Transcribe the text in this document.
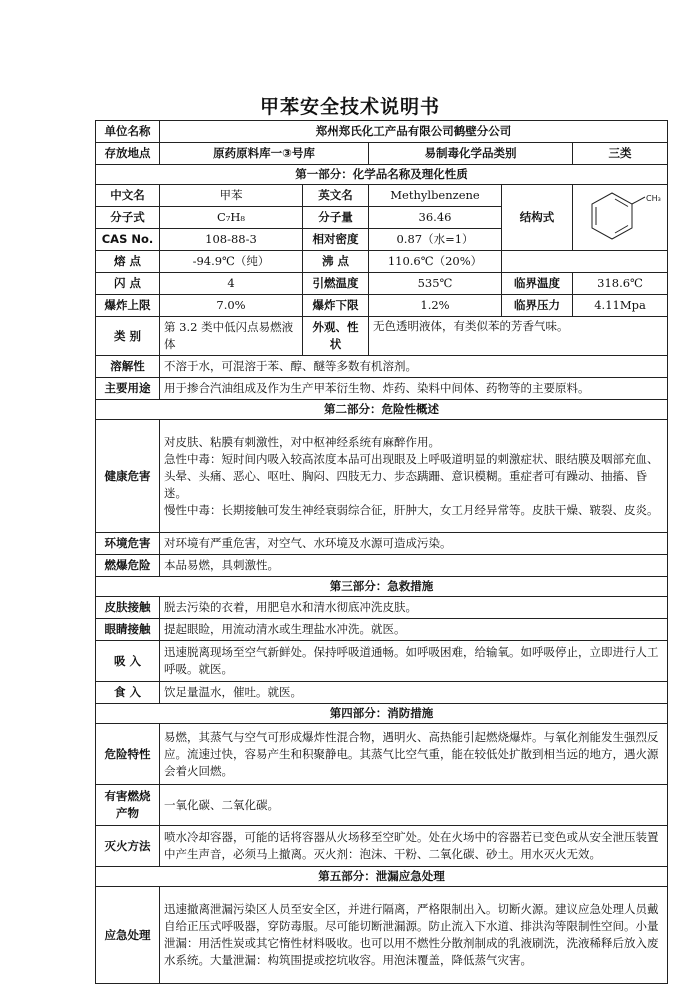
甲苯安全技术说明书
单位名称	郑州郑氏化工产品有限公司鹤壁分公司				
存放地点	原药原料库一③号库		易制毒化学品类别		三类
第一部分：化学品名称及理化性质					
中文名	甲苯	英文名	Methylbenzene	结构式	CH₃

分子式	C₇H₈	分子量	36.46		
CAS No.	108-88-3	相对密度	0.87（水=1）		
熔 点	-94.9℃（纯）	沸 点	110.6℃（20%）		
闪 点	4	引燃温度	535℃	临界温度	318.6℃
爆炸上限	7.0%	爆炸下限	1.2%	临界压力	4.11Mpa
类 别	第 3.2 类中低闪点易燃液体	外观、性状	无色透明液体，有类似苯的芳香气味。		
溶解性	不溶于水，可混溶于苯、醇、醚等多数有机溶剂。				
主要用途	用于掺合汽油组成及作为生产甲苯衍生物、炸药、染料中间体、药物等的主要原料。				
第二部分：危险性概述					
健康危害	对皮肤、粘膜有刺激性，对中枢神经系统有麻醉作用。
急性中毒：短时间内吸入较高浓度本品可出现眼及上呼吸道明显的刺激症状、眼结膜及咽部充血、头晕、头痛、恶心、呕吐、胸闷、四肢无力、步态蹒跚、意识模糊。重症者可有躁动、抽搐、昏迷。
慢性中毒：长期接触可发生神经衰弱综合征，肝肿大，女工月经异常等。皮肤干燥、皲裂、皮炎。				

环境危害	对环境有严重危害，对空气、水环境及水源可造成污染。				
燃爆危险	本品易燃，具刺激性。				
第三部分：急救措施					
皮肤接触	脱去污染的衣着，用肥皂水和清水彻底冲洗皮肤。				
眼睛接触	提起眼睑，用流动清水或生理盐水冲洗。就医。				
吸 入	迅速脱离现场至空气新鲜处。保持呼吸道通畅。如呼吸困难，给输氧。如呼吸停止，立即进行人工呼吸。就医。				
食 入	饮足量温水，催吐。就医。				
第四部分：消防措施					
危险特性	易燃，其蒸气与空气可形成爆炸性混合物，遇明火、高热能引起燃烧爆炸。与氧化剂能发生强烈反应。流速过快，容易产生和积聚静电。其蒸气比空气重，能在较低处扩散到相当远的地方，遇火源会着火回燃。				

有害燃烧
产物	一氧化碳、二氧化碳。				
灭火方法	喷水冷却容器，可能的话将容器从火场移至空旷处。处在火场中的容器若已变色或从安全泄压装置中产生声音，必须马上撤离。灭火剂：泡沫、干粉、二氧化碳、砂土。用水灭火无效。				
第五部分：泄漏应急处理					
应急处理	迅速撤离泄漏污染区人员至安全区，并进行隔离，严格限制出入。切断火源。建议应急处理人员戴自给正压式呼吸器，穿防毒服。尽可能切断泄漏源。防止流入下水道、排洪沟等限制性空间。小量泄漏：用活性炭或其它惰性材料吸收。也可以用不燃性分散剂制成的乳液刷洗，洗液稀释后放入废水系统。大量泄漏：构筑围提或挖坑收容。用泡沫覆盖，降低蒸气灾害。				
